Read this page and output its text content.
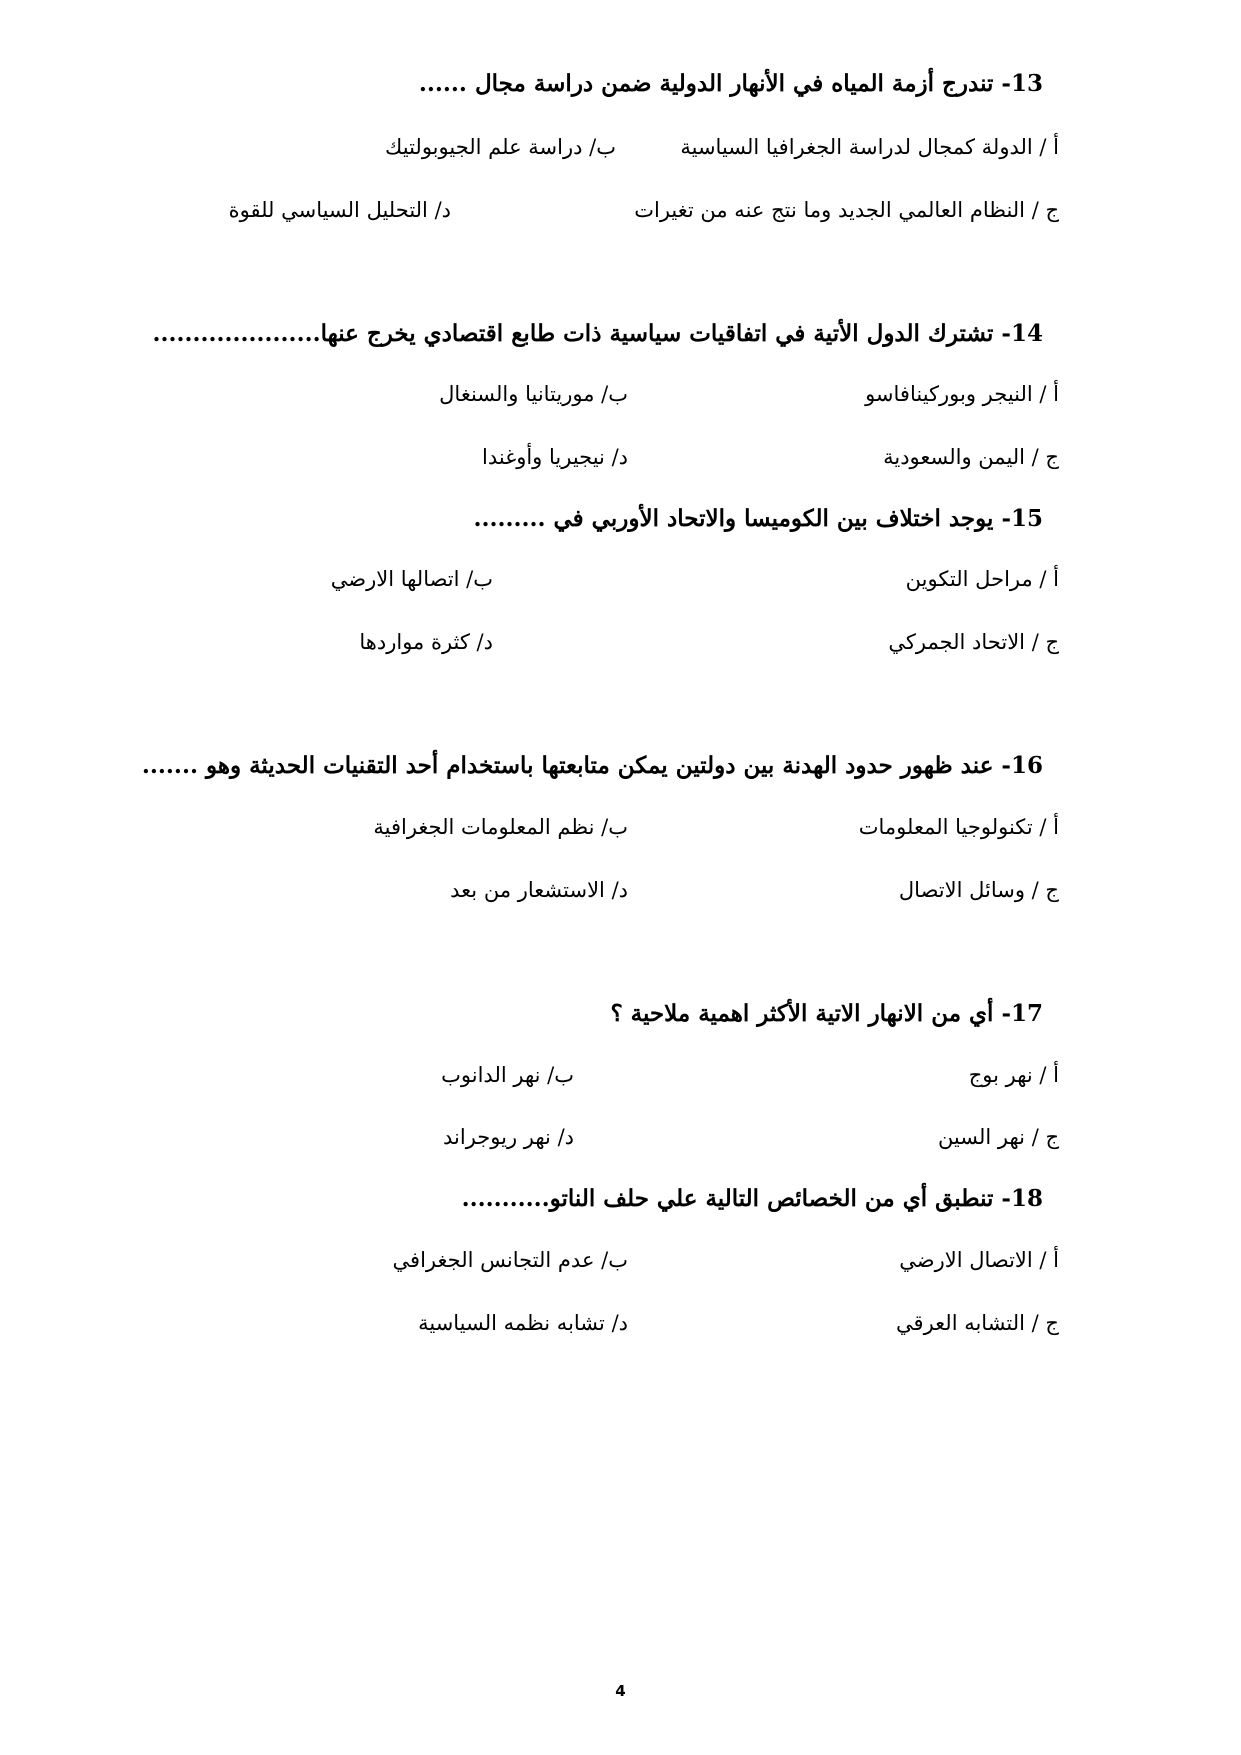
13- تندرج أزمة المياه في الأنهار الدولية ضمن دراسة مجال ......
أ / الدولة كمجال لدراسة الجغرافيا السياسية
ب/ دراسة علم الجيوبولتيك
ج / النظام العالمي الجديد وما نتج عنه من تغيرات
د/ التحليل السياسي للقوة
14- تشترك الدول الأتية في اتفاقيات سياسية ذات طابع اقتصادي يخرج عنها.....................
أ / النيجر وبوركينافاسو
ب/ موريتانيا والسنغال
ج / اليمن والسعودية
د/ نيجيريا وأوغندا
15- يوجد اختلاف بين الكوميسا والاتحاد الأوربي في .........
أ / مراحل التكوين
ب/ اتصالها الارضي
ج / الاتحاد الجمركي
د/ كثرة مواردها
16- عند ظهور حدود الهدنة بين دولتين يمكن متابعتها باستخدام أحد التقنيات الحديثة وهو .......
أ / تكنولوجيا المعلومات
ب/ نظم المعلومات الجغرافية
ج / وسائل الاتصال
د/ الاستشعار من بعد
17- أي من الانهار الاتية الأكثر اهمية ملاحية ؟
أ / نهر بوج
ب/ نهر الدانوب
ج / نهر السين
د/ نهر ريوجراند
18- تنطبق أي من الخصائص التالية علي حلف الناتو...........
أ / الاتصال الارضي
ب/ عدم التجانس الجغرافي
ج / التشابه العرقي
د/ تشابه نظمه السياسية
4
